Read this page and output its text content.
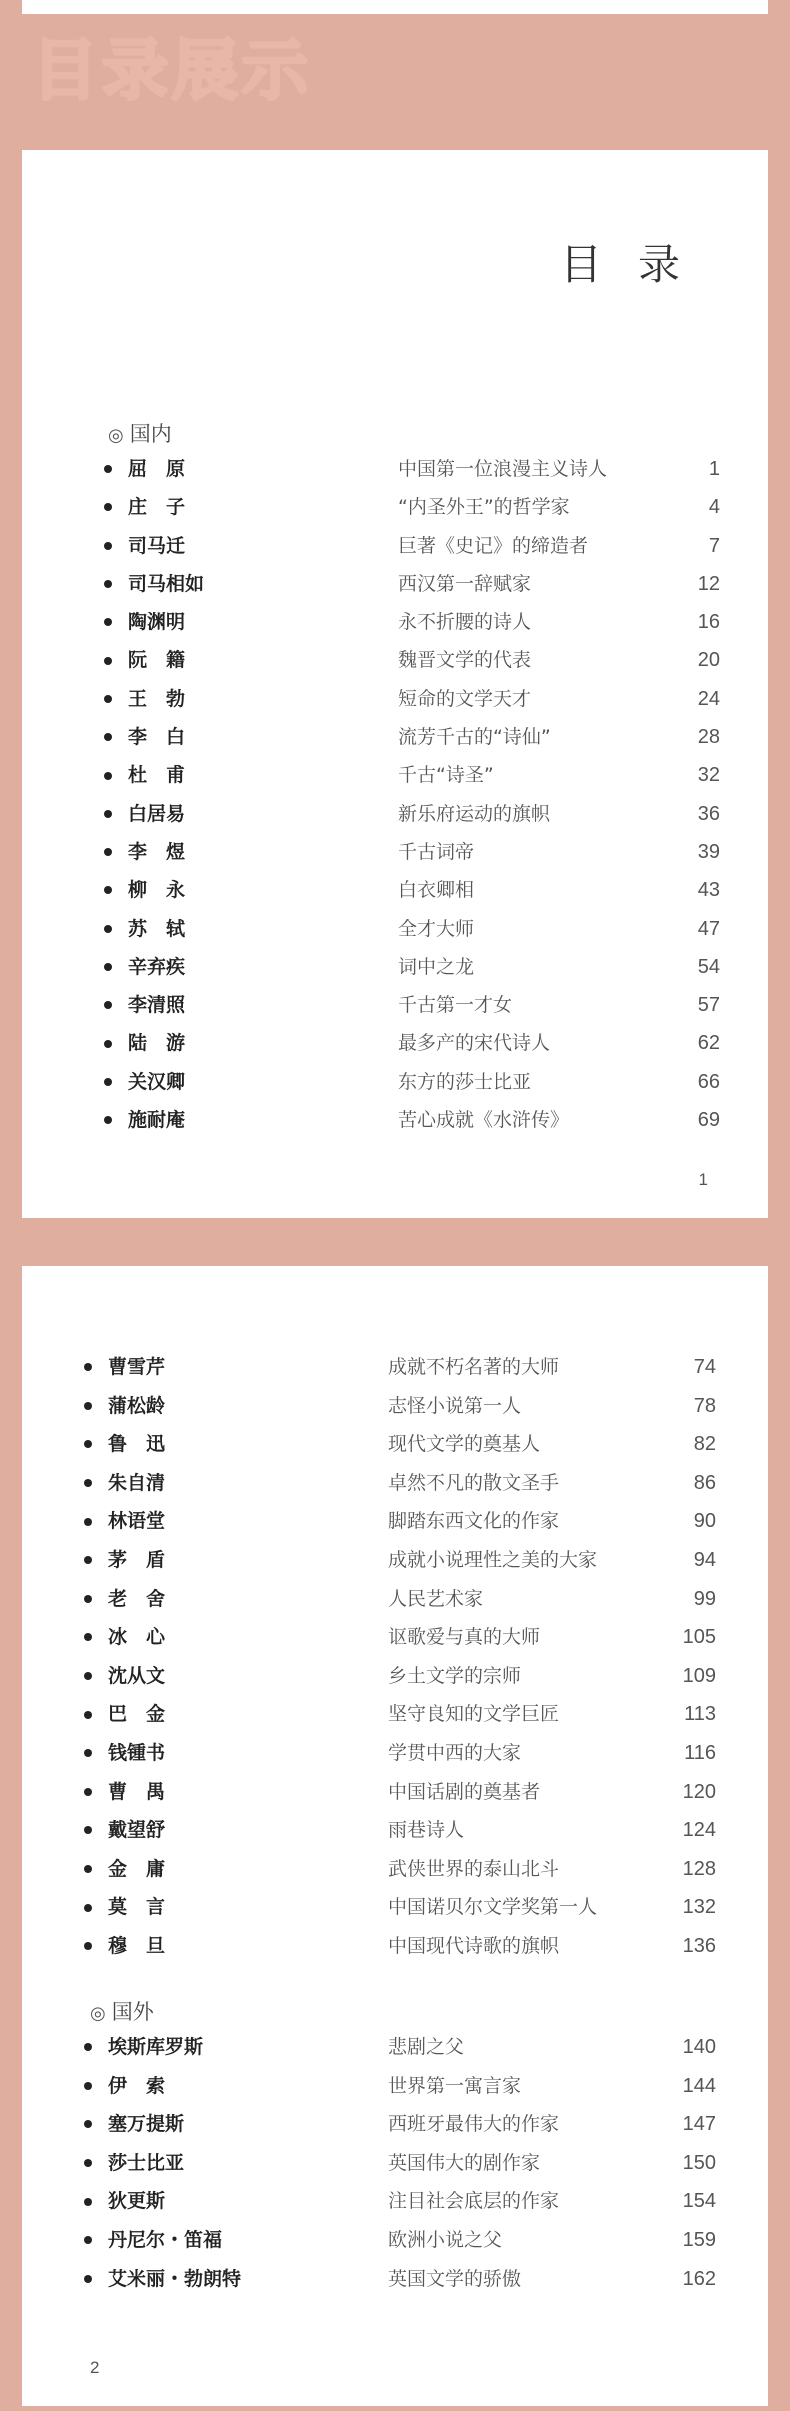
目录展示
目录
◎ 国内
屈　原	中国第一位浪漫主义诗人	1
庄　子	“内圣外王”的哲学家	4
司马迁	巨著《史记》的缔造者	7
司马相如	西汉第一辞赋家	12
陶渊明	永不折腰的诗人	16
阮　籍	魏晋文学的代表	20
王　勃	短命的文学天才	24
李　白	流芳千古的“诗仙”	28
杜　甫	千古“诗圣”	32
白居易	新乐府运动的旗帜	36
李　煜	千古词帝	39
柳　永	白衣卿相	43
苏　轼	全才大师	47
辛弃疾	词中之龙	54
李清照	千古第一才女	57
陆　游	最多产的宋代诗人	62
关汉卿	东方的莎士比亚	66
施耐庵	苦心成就《水浒传》	69
1
曹雪芹	成就不朽名著的大师	74
蒲松龄	志怪小说第一人	78
鲁　迅	现代文学的奠基人	82
朱自清	卓然不凡的散文圣手	86
林语堂	脚踏东西文化的作家	90
茅　盾	成就小说理性之美的大家	94
老　舍	人民艺术家	99
冰　心	讴歌爱与真的大师	105
沈从文	乡土文学的宗师	109
巴　金	坚守良知的文学巨匠	113
钱锺书	学贯中西的大家	116
曹　禺	中国话剧的奠基者	120
戴望舒	雨巷诗人	124
金　庸	武侠世界的泰山北斗	128
莫　言	中国诺贝尔文学奖第一人	132
穆　旦	中国现代诗歌的旗帜	136
◎ 国外
埃斯库罗斯	悲剧之父	140
伊　索	世界第一寓言家	144
塞万提斯	西班牙最伟大的作家	147
莎士比亚	英国伟大的剧作家	150
狄更斯	注目社会底层的作家	154
丹尼尔・笛福	欧洲小说之父	159
艾米丽・勃朗特	英国文学的骄傲	162
2
